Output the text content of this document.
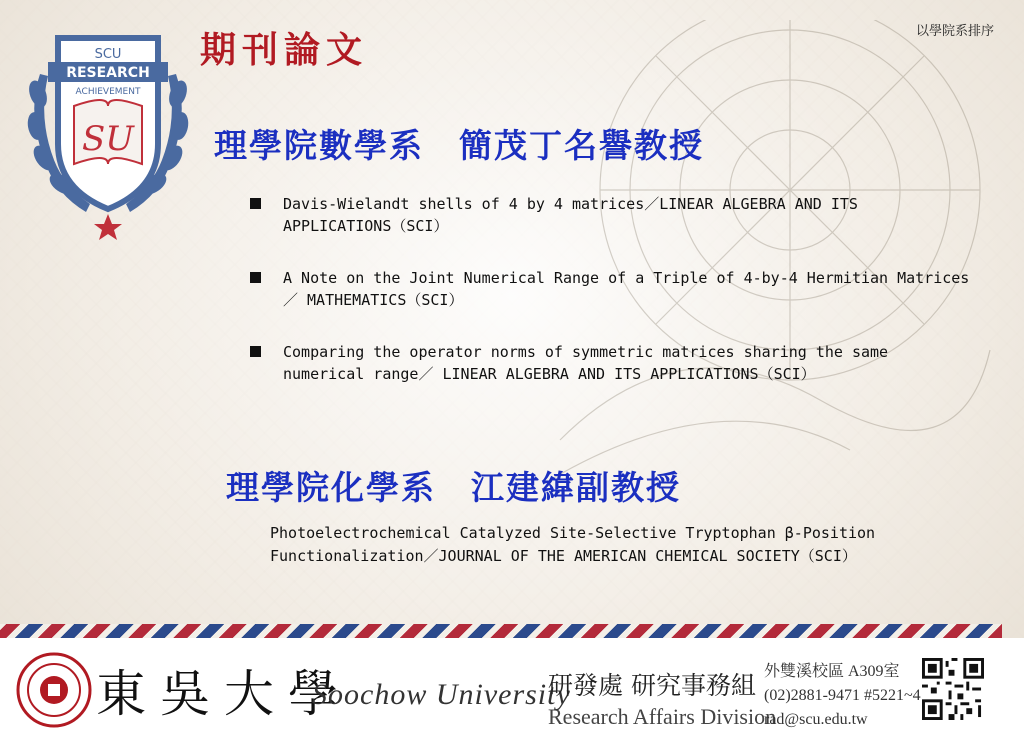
SCU
RESEARCH
ACHIEVEMENT
SU
期刊論文	以學院系排序
理學院數學系　簡茂丁名譽教授
Davis-Wielandt shells of 4 by 4 matrices／LINEAR ALGEBRA AND ITS APPLICATIONS（SCI）
A Note on the Joint Numerical Range of a Triple of 4-by-4 Hermitian Matrices／ MATHEMATICS（SCI）
Comparing the operator norms of symmetric matrices sharing the same numerical range／ LINEAR ALGEBRA AND ITS APPLICATIONS（SCI）
理學院化學系　江建緯副教授

Photoelectrochemical Catalyzed Site-Selective Tryptophan β-Position Functionalization／JOURNAL OF THE AMERICAN CHEMICAL SOCIETY（SCI）

東吳大學
Soochow University
研發處 研究事務組
Research Affairs Division
外雙溪校區 A309室
(02)2881-9471 #5221~4
rad@scu.edu.tw
